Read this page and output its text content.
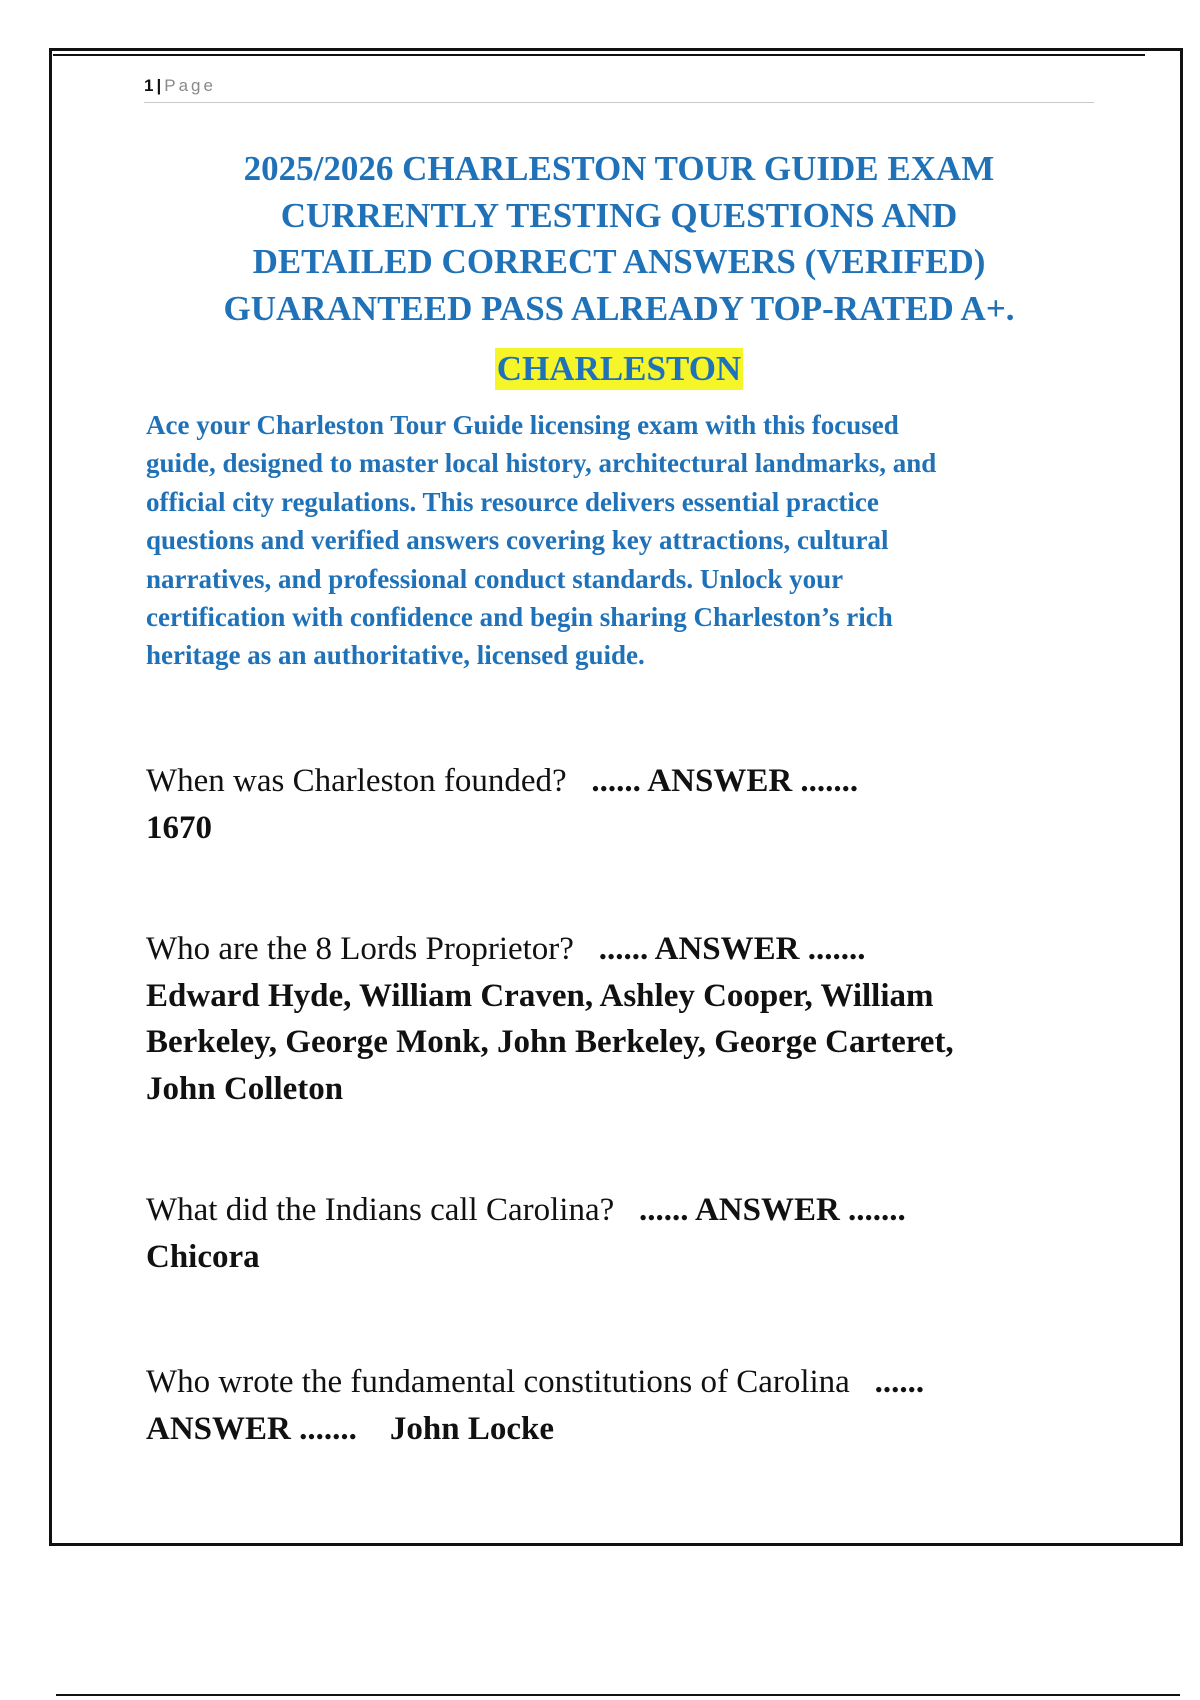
1 | Page
2025/2026 CHARLESTON TOUR GUIDE EXAM
CURRENTLY TESTING QUESTIONS AND
DETAILED CORRECT ANSWERS (VERIFED)
GUARANTEED PASS ALREADY TOP-RATED A+.
CHARLESTON

Ace your Charleston Tour Guide licensing exam with this focused
guide, designed to master local history, architectural landmarks, and
official city regulations. This resource delivers essential practice
questions and verified answers covering key attractions, cultural
narratives, and professional conduct standards. Unlock your
certification with confidence and begin sharing Charleston’s rich
heritage as an authoritative, licensed guide.

When was Charleston founded? ...... ANSWER .......
1670
Who are the 8 Lords Proprietor? ...... ANSWER .......
Edward Hyde, William Craven, Ashley Cooper, William
Berkeley, George Monk, John Berkeley, George Carteret,
John Colleton
What did the Indians call Carolina? ...... ANSWER .......
Chicora
Who wrote the fundamental constitutions of Carolina ......
ANSWER ....... John Locke
